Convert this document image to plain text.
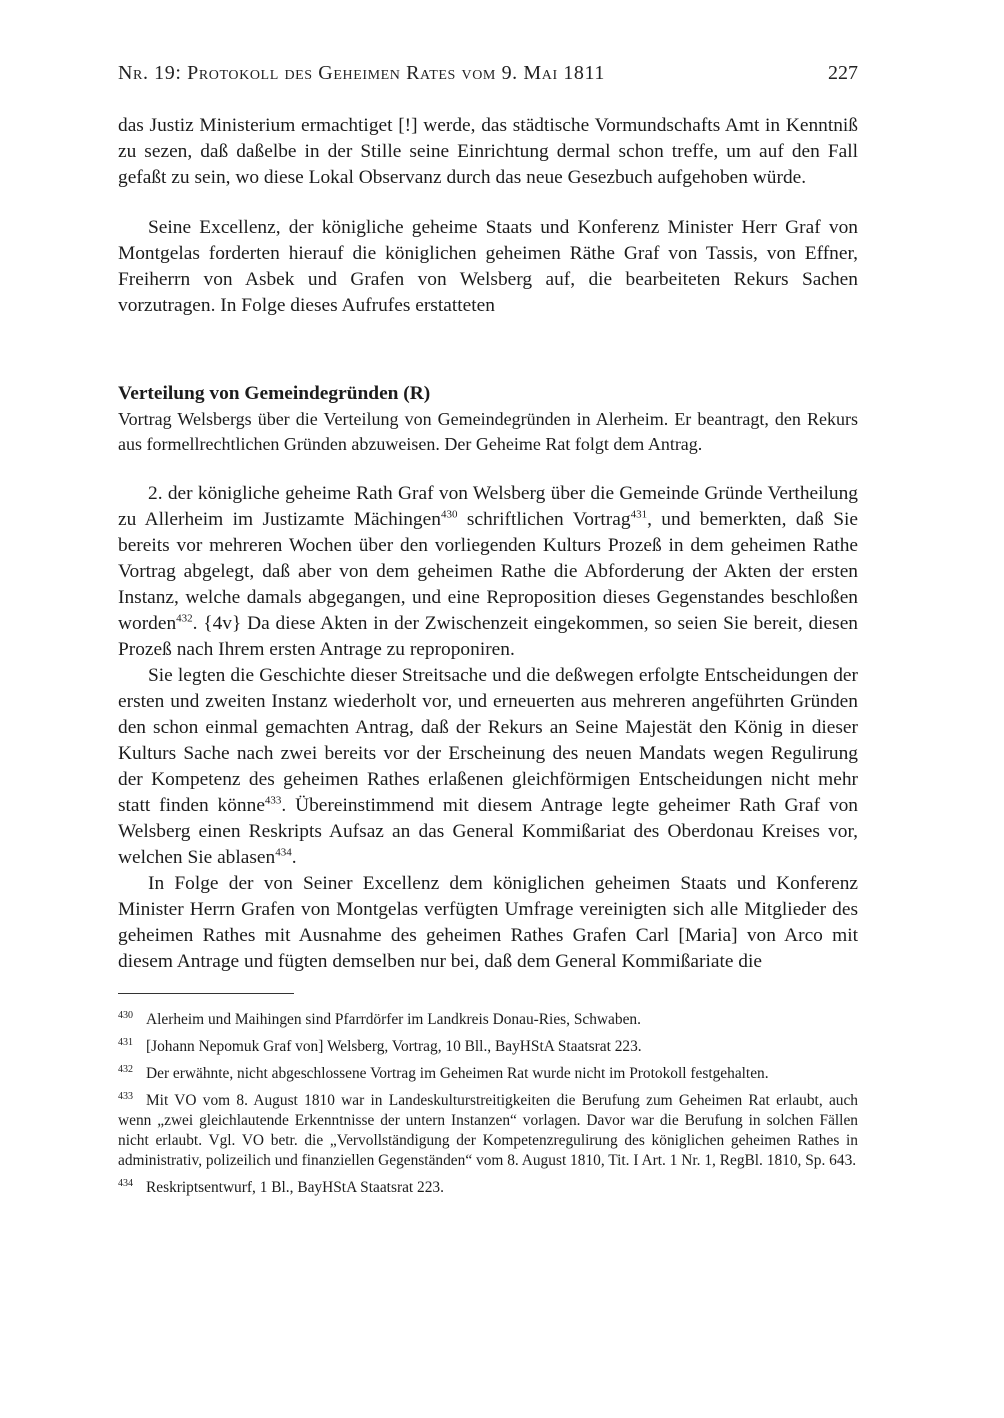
Nr. 19: Protokoll des Geheimen Rates vom 9. Mai 1811	227

das Justiz Ministerium ermachtiget [!] werde, das städtische Vormundschafts Amt in Kenntniß zu sezen, daß daßelbe in der Stille seine Einrichtung dermal schon treffe, um auf den Fall gefaßt zu sein, wo diese Lokal Observanz durch das neue Gesezbuch aufgehoben würde.

Seine Excellenz, der königliche geheime Staats und Konferenz Minister Herr Graf von Montgelas forderten hierauf die königlichen geheimen Räthe Graf von Tassis, von Effner, Freiherrn von Asbek und Grafen von Welsberg auf, die bearbeiteten Rekurs Sachen vorzutragen. In Folge dieses Aufrufes erstatteten

Verteilung von Gemeindegründen (R)

Vortrag Welsbergs über die Verteilung von Gemeindegründen in Alerheim. Er beantragt, den Rekurs aus formellrechtlichen Gründen abzuweisen. Der Geheime Rat folgt dem Antrag.

2. der königliche geheime Rath Graf von Welsberg über die Gemeinde Gründe Vertheilung zu Allerheim im Justizamte Mächingen$^{430}$ schriftlichen Vortrag$^{431}$, und bemerkten, daß Sie bereits vor mehreren Wochen über den vorliegenden Kulturs Prozeß in dem geheimen Rathe Vortrag abgelegt, daß aber von dem geheimen Rathe die Abforderung der Akten der ersten Instanz, welche damals abgegangen, und eine Reproposition dieses Gegenstandes beschloßen worden$^{432}$. {4v} Da diese Akten in der Zwischenzeit eingekommen, so seien Sie bereit, diesen Prozeß nach Ihrem ersten Antrage zu reproponiren.

Sie legten die Geschichte dieser Streitsache und die deßwegen erfolgte Entscheidungen der ersten und zweiten Instanz wiederholt vor, und erneuerten aus mehreren angeführten Gründen den schon einmal gemachten Antrag, daß der Rekurs an Seine Majestät den König in dieser Kulturs Sache nach zwei bereits vor der Erscheinung des neuen Mandats wegen Regulirung der Kompetenz des geheimen Rathes erlaßenen gleichförmigen Entscheidungen nicht mehr statt finden könne$^{433}$. Übereinstimmend mit diesem Antrage legte geheimer Rath Graf von Welsberg einen Reskripts Aufsaz an das General Kommißariat des Oberdonau Kreises vor, welchen Sie ablasen$^{434}$.

In Folge der von Seiner Excellenz dem königlichen geheimen Staats und Konferenz Minister Herrn Grafen von Montgelas verfügten Umfrage vereinigten sich alle Mitglieder des geheimen Rathes mit Ausnahme des geheimen Rathes Grafen Carl [Maria] von Arco mit diesem Antrage und fügten demselben nur bei, daß dem General Kommißariate die

430 Alerheim und Maihingen sind Pfarrdörfer im Landkreis Donau-Ries, Schwaben.

431 [Johann Nepomuk Graf von] Welsberg, Vortrag, 10 Bll., BayHStA Staatsrat 223.

432 Der erwähnte, nicht abgeschlossene Vortrag im Geheimen Rat wurde nicht im Protokoll festgehalten.

433 Mit VO vom 8. August 1810 war in Landeskulturstreitigkeiten die Berufung zum Geheimen Rat erlaubt, auch wenn „zwei gleichlautende Erkenntnisse der untern Instanzen“ vorlagen. Davor war die Berufung in solchen Fällen nicht erlaubt. Vgl. VO betr. die „Vervollständigung der Kompetenzregulirung des königlichen geheimen Rathes in administrativ, polizeilich und finanziellen Gegenständen“ vom 8. August 1810, Tit. I Art. 1 Nr. 1, RegBl. 1810, Sp. 643.

434 Reskriptsentwurf, 1 Bl., BayHStA Staatsrat 223.
